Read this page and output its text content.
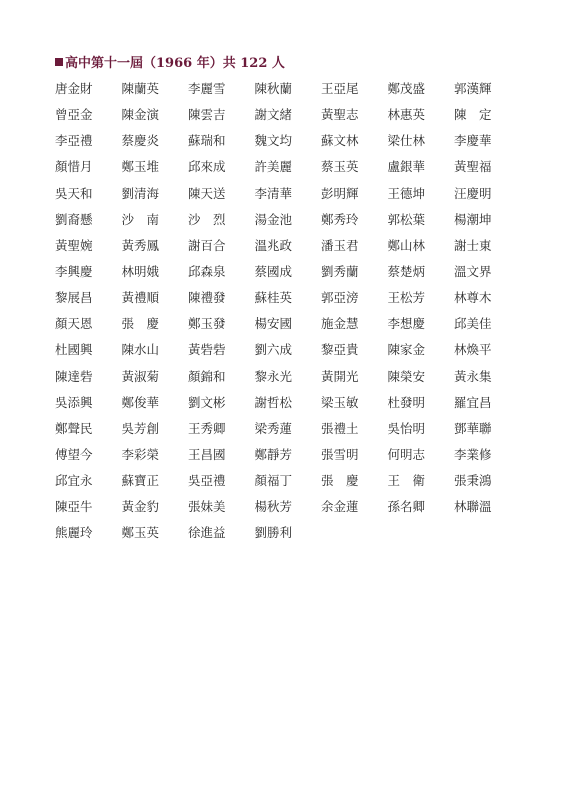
高中第十一屆（1966 年）共 122 人
唐金財	陳蘭英	李麗雪	陳秋蘭	王亞尾	鄭茂盛	郭漢輝
曾亞金	陳金演	陳雲吉	謝文緒	黃聖志	林惠英	陳　定
李亞禮	蔡慶炎	蘇瑞和	魏文均	蘇文林	梁仕林	李慶華
顏惜月	鄭玉堆	邱來成	許美麗	蔡玉英	盧銀華	黃聖福
吳天和	劉清海	陳天送	李清華	彭明輝	王德坤	汪慶明
劉裔懸	沙　南	沙　烈	湯金池	鄭秀玲	郭松葉	楊潮坤
黃聖婉	黃秀鳳	謝百合	溫兆政	潘玉君	鄭山林	謝士東
李興慶	林明娥	邱森泉	蔡國成	劉秀蘭	蔡楚炳	溫文界
黎展昌	黃禮順	陳禮發	蘇桂英	郭亞滂	王松芳	林尊木
顏天恩	張　慶	鄭玉發	楊安國	施金慧	李想慶	邱美佳
杜國興	陳水山	黃砦砦	劉六成	黎亞貴	陳家金	林煥平
陳達砦	黃淑菊	顏錦和	黎永光	黃開光	陳榮安	黃永集
吳添興	鄭俊華	劉文彬	謝哲松	梁玉敏	杜發明	羅宜昌
鄭聲民	吳芳創	王秀卿	梁秀蓮	張禮土	吳怡明	鄧華聯
傅望今	李彩榮	王昌國	鄭靜芳	張雪明	何明志	李業修
邱宜永	蘇寶正	吳亞禮	顏福丁	張　慶	王　衛	張秉鴻
陳亞牛	黃金豹	張妹美	楊秋芳	余金蓮	孫名卿	林聯溫
熊麗玲	鄭玉英	徐進益	劉勝利
